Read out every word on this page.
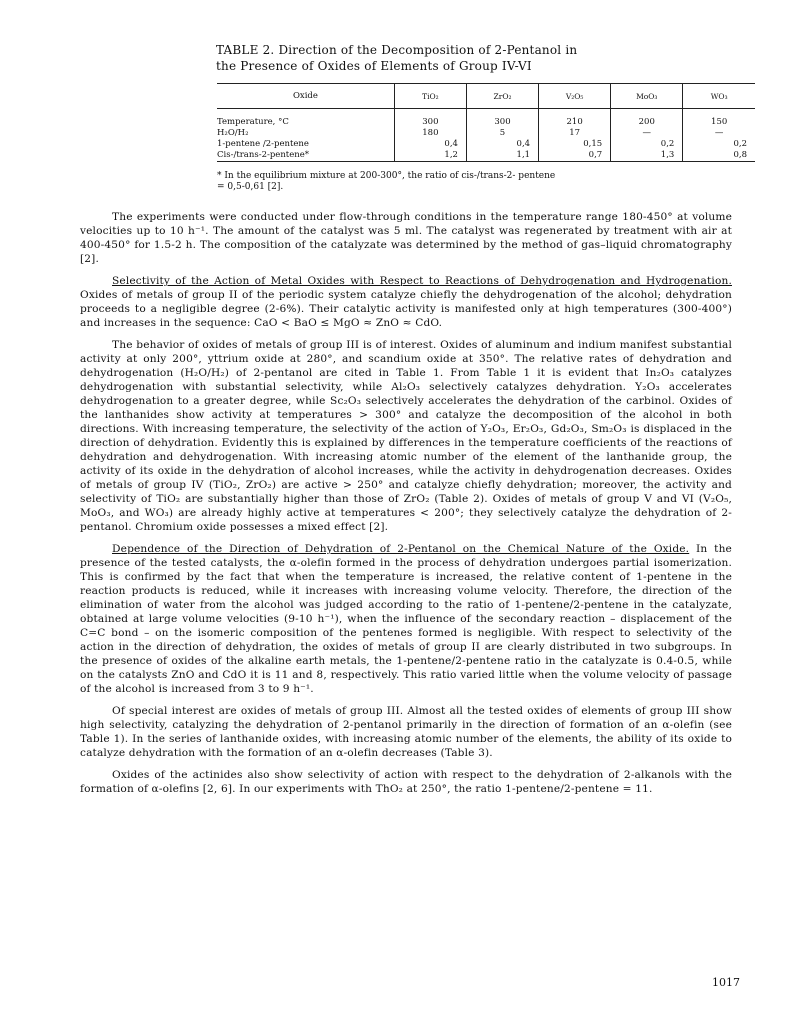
TABLE 2. Direction of the Decomposition of 2-Pentanol in
the Presence of Oxides of Elements of Group IV-VI
Oxide	TiO₂	ZrO₂	V₂O₅	MoO₃	WO₃
Temperature, °C	300	300	210	200	150
H₂O/H₂	180	5	17	—	—
1-pentene /2-pentene	0,4	0,4	0,15	0,2	0,2
Cis-/trans-2-pentene*	1,2	1,1	0,7	1,3	0,8

* In the equilibrium mixture at 200-300°, the ratio of cis-/trans-2- pentene
= 0,5-0,61 [2].

The experiments were conducted under flow-through conditions in the temperature range 180-450° at volume velocities up to 10 h⁻¹. The amount of the catalyst was 5 ml. The catalyst was regenerated by treatment with air at 400-450° for 1.5-2 h. The composition of the catalyzate was determined by the method of gas–liquid chromatography [2].

Selectivity of the Action of Metal Oxides with Respect to Reactions of Dehydrogenation and Hydrogenation. Oxides of metals of group II of the periodic system catalyze chiefly the dehydrogenation of the alcohol; dehydration proceeds to a negligible degree (2-6%). Their catalytic activity is manifested only at high temperatures (300-400°) and increases in the sequence: CaO < BaO ≤ MgO ≈ ZnO ≈ CdO.

The behavior of oxides of metals of group III is of interest. Oxides of aluminum and indium manifest substantial activity at only 200°, yttrium oxide at 280°, and scandium oxide at 350°. The relative rates of dehydration and dehydrogenation (H₂O/H₂) of 2-pentanol are cited in Table 1. From Table 1 it is evident that In₂O₃ catalyzes dehydrogenation with substantial selectivity, while Al₂O₃ selectively catalyzes dehydration. Y₂O₃ accelerates dehydrogenation to a greater degree, while Sc₂O₃ selectively accelerates the dehydration of the carbinol. Oxides of the lanthanides show activity at temperatures > 300° and catalyze the decomposition of the alcohol in both directions. With increasing temperature, the selectivity of the action of Y₂O₃, Er₂O₃, Gd₂O₃, Sm₂O₃ is displaced in the direction of dehydration. Evidently this is explained by differences in the temperature coefficients of the reactions of dehydration and dehydrogenation. With increasing atomic number of the element of the lanthanide group, the activity of its oxide in the dehydration of alcohol increases, while the activity in dehydrogenation decreases. Oxides of metals of group IV (TiO₂, ZrO₂) are active > 250° and catalyze chiefly dehydration; moreover, the activity and selectivity of TiO₂ are substantially higher than those of ZrO₂ (Table 2). Oxides of metals of group V and VI (V₂O₅, MoO₃, and WO₃) are already highly active at temperatures < 200°; they selectively catalyze the dehydration of 2-pentanol. Chromium oxide possesses a mixed effect [2].

Dependence of the Direction of Dehydration of 2-Pentanol on the Chemical Nature of the Oxide. In the presence of the tested catalysts, the α-olefin formed in the process of dehydration undergoes partial isomerization. This is confirmed by the fact that when the temperature is increased, the relative content of 1-pentene in the reaction products is reduced, while it increases with increasing volume velocity. Therefore, the direction of the elimination of water from the alcohol was judged according to the ratio of 1-pentene/2-pentene in the catalyzate, obtained at large volume velocities (9-10 h⁻¹), when the influence of the secondary reaction – displacement of the C=C bond – on the isomeric composition of the pentenes formed is negligible. With respect to selectivity of the action in the direction of dehydration, the oxides of metals of group II are clearly distributed in two subgroups. In the presence of oxides of the alkaline earth metals, the 1-pentene/2-pentene ratio in the catalyzate is 0.4-0.5, while on the catalysts ZnO and CdO it is 11 and 8, respectively. This ratio varied little when the volume velocity of passage of the alcohol is increased from 3 to 9 h⁻¹.

Of special interest are oxides of metals of group III. Almost all the tested oxides of elements of group III show high selectivity, catalyzing the dehydration of 2-pentanol primarily in the direction of formation of an α-olefin (see Table 1). In the series of lanthanide oxides, with increasing atomic number of the elements, the ability of its oxide to catalyze dehydration with the formation of an α-olefin decreases (Table 3).

Oxides of the actinides also show selectivity of action with respect to the dehydration of 2-alkanols with the formation of α-olefins [2, 6]. In our experiments with ThO₂ at 250°, the ratio 1-pentene/2-pentene = 11.

1017
